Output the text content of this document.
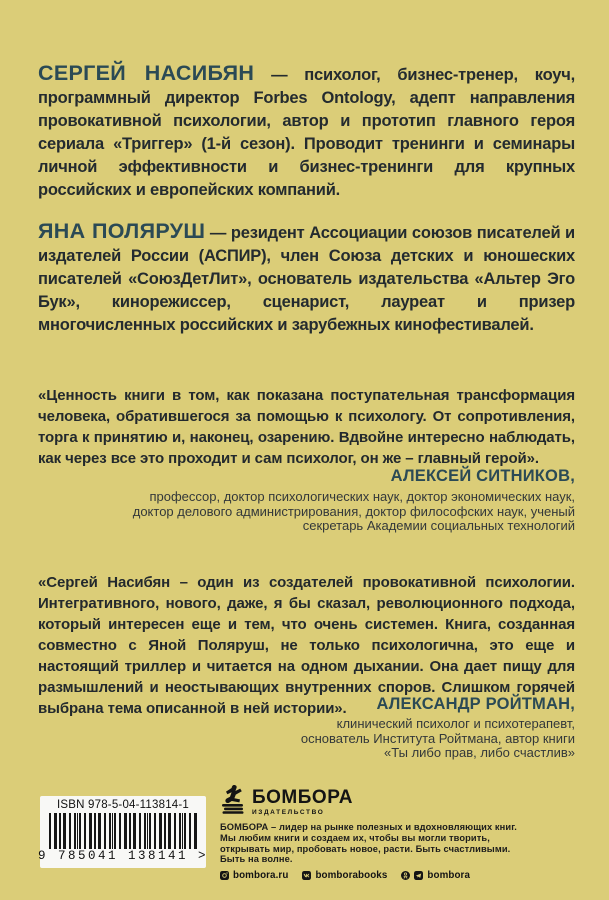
СЕРГЕЙ НАСИБЯН — психолог, бизнес-тренер, коуч, программный директор Forbes Ontology, адепт направления провокативной психологии, автор и прототип главного героя сериала «Триггер» (1-й сезон). Проводит тренинги и семинары личной эффективности и бизнес-тренинги для крупных российских и европейских компаний.

ЯНА ПОЛЯРУШ — резидент Ассоциации союзов писателей и издателей России (АСПИР), член Союза детских и юношеских писателей «СоюзДетЛит», основатель издательства «Альтер Эго Бук», кинорежиссер, сценарист, лауреат и призер многочисленных российских и зарубежных кинофестивалей.

«Ценность книги в том, как показана поступательная трансформация человека, обратившегося за помощью к психологу. От сопротивления, торга к принятию и, наконец, озарению. Вдвойне интересно наблюдать, как через все это проходит и сам психолог, он же – главный герой».

АЛЕКСЕЙ СИТНИКОВ,

профессор, доктор психологических наук, доктор экономических наук, доктор делового администрирования, доктор философских наук, ученый секретарь Академии социальных технологий

«Сергей Насибян – один из создателей провокативной психологии. Интегративного, нового, даже, я бы сказал, революционного подхода, который интересен еще и тем, что очень системен. Книга, созданная совместно с Яной Поляруш, не только психологична, это еще и настоящий триллер и читается на одном дыхании. Она дает пищу для размышлений и неостывающих внутренних споров. Слишком горячей выбрана тема описанной в ней истории».	АЛЕКСАНДР РОЙТМАН,

клинический психолог и психотерапевт, основатель Института Ройтмана, автор книги «Ты либо прав, либо счастлив»

ISBN 978-5-04-113814-1
9 785041 138141 >
БОМБОРА
ИЗДАТЕЛЬСТВО

БОМБОРА – лидер на рынке полезных и вдохновляющих книг. Мы любим книги и создаем их, чтобы вы могли творить, открывать мир, пробовать новое, расти. Быть счастливыми. Быть на волне.

bombora.ru	bomborabooks	bombora
